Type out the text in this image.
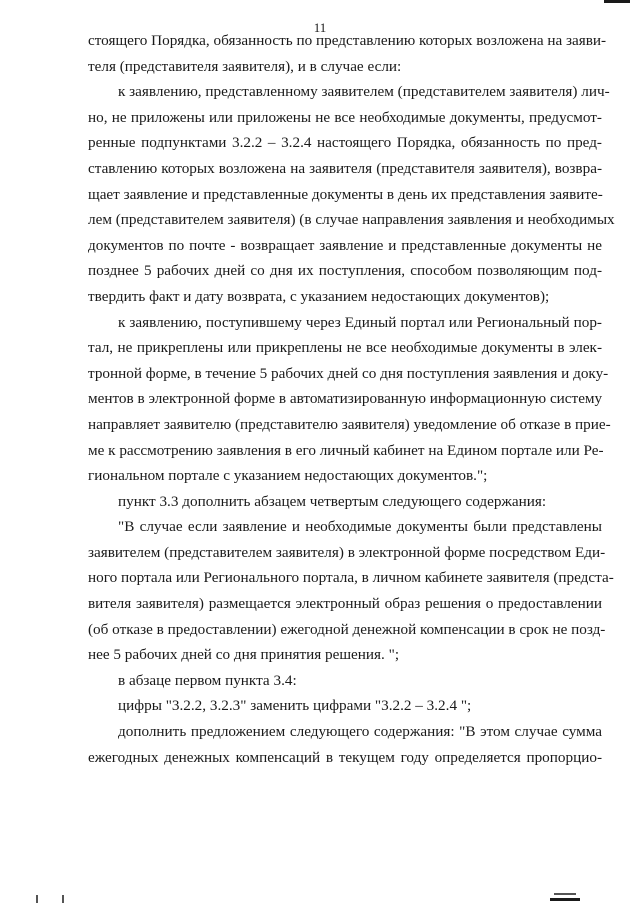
11
стоящего Порядка, обязанность по представлению которых возложена на заяви-
теля (представителя заявителя), и в случае если:
к заявлению, представленному заявителем (представителем заявителя) лич-
но, не приложены или приложены не все необходимые документы, предусмот-
ренные подпунктами 3.2.2 – 3.2.4 настоящего Порядка, обязанность по пред-
ставлению которых возложена на заявителя (представителя заявителя), возвра-
щает заявление и представленные документы в день их представления заявите-
лем (представителем заявителя) (в случае направления заявления и необходимых
документов по почте - возвращает заявление и представленные документы не
позднее 5 рабочих дней со дня их поступления, способом позволяющим под-
твердить факт и дату возврата, с указанием недостающих документов);
к заявлению, поступившему через Единый портал или Региональный пор-
тал, не прикреплены или прикреплены не все необходимые документы в элек-
тронной форме, в течение 5 рабочих дней со дня поступления заявления и доку-
ментов в электронной форме в автоматизированную информационную систему
направляет заявителю (представителю заявителя) уведомление об отказе в прие-
ме к рассмотрению заявления в его личный кабинет на Едином портале или Ре-
гиональном портале с указанием недостающих документов.";
пункт 3.3 дополнить абзацем четвертым следующего содержания:
"В случае если заявление и необходимые документы были представлены
заявителем (представителем заявителя) в электронной форме посредством Еди-
ного портала или Регионального портала, в личном кабинете заявителя (предста-
вителя заявителя) размещается электронный образ решения о предоставлении
(об отказе в предоставлении) ежегодной денежной компенсации в срок не позд-
нее 5 рабочих дней со дня принятия решения. ";
в абзаце первом пункта 3.4:
цифры "3.2.2, 3.2.3" заменить цифрами "3.2.2 – 3.2.4 ";
дополнить предложением следующего содержания: "В этом случае сумма
ежегодных денежных компенсаций в текущем году определяется пропорцио-
